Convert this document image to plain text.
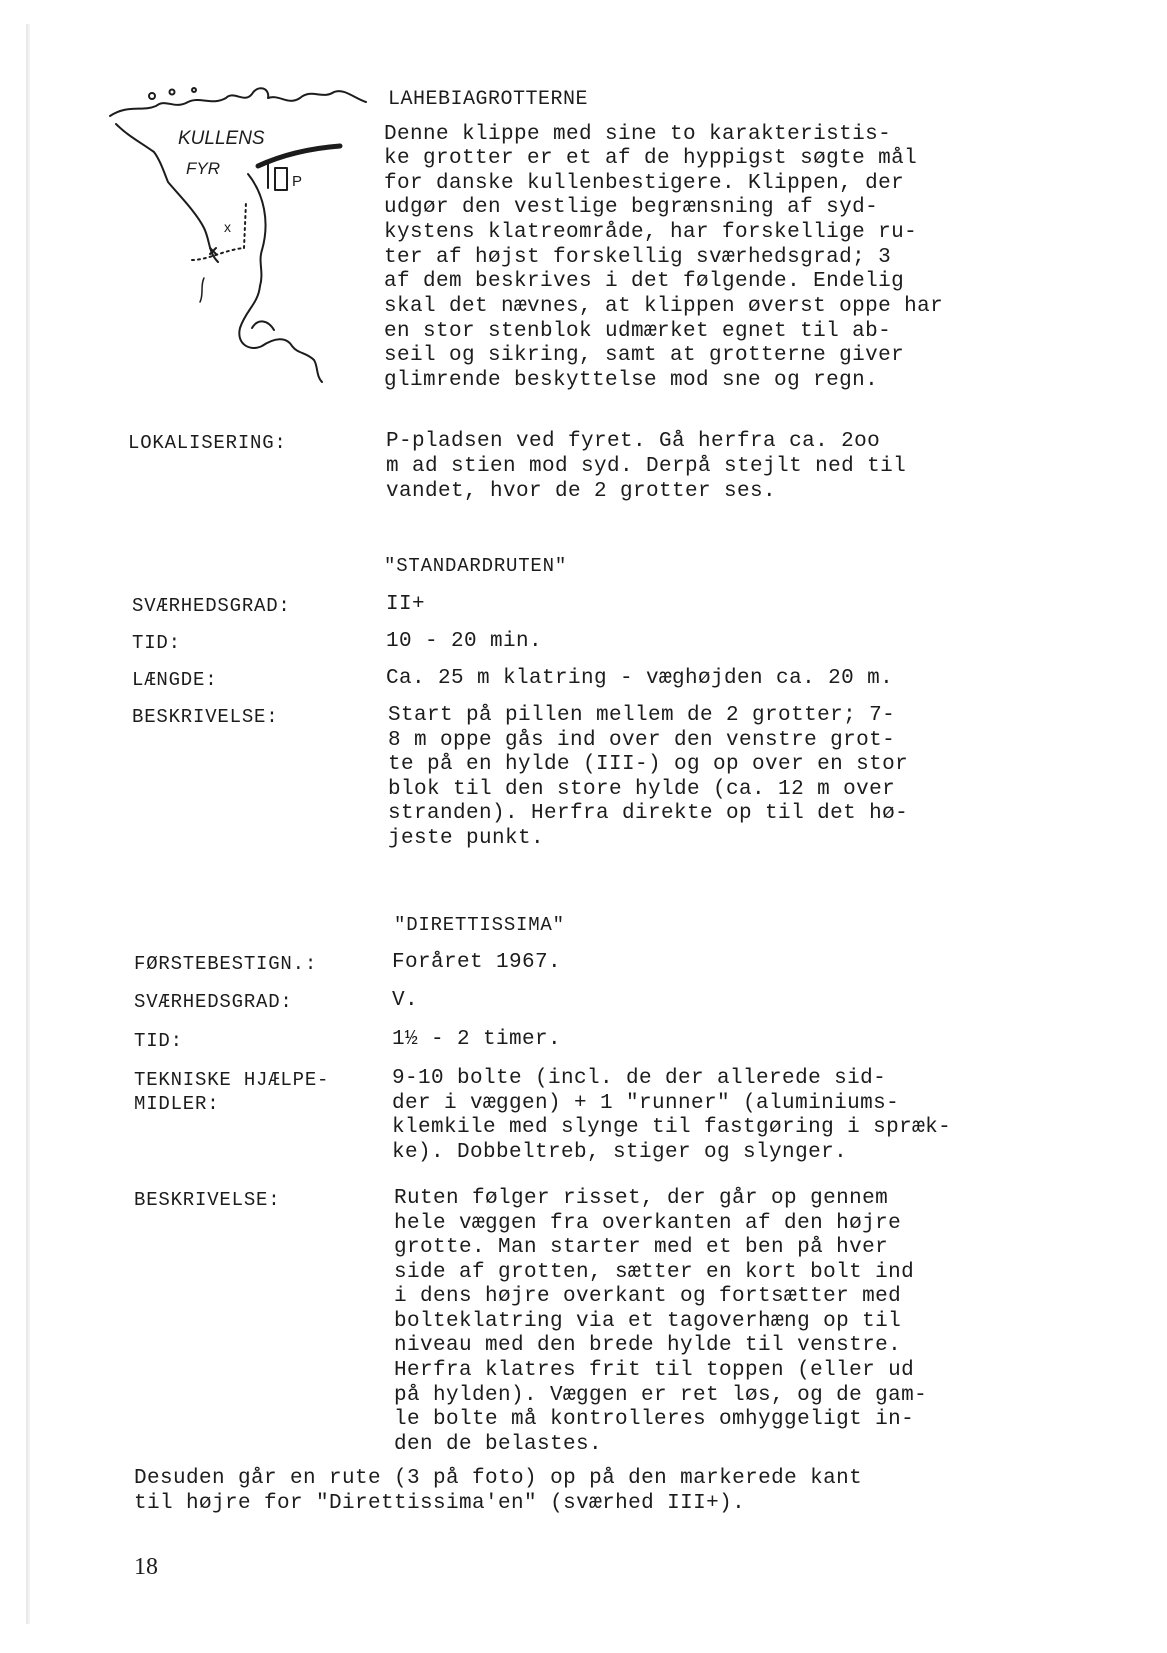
KULLENS
FYR
P
x
LAHEBIAGROTTERNE
Denne klippe med sine to karakteristis-
ke grotter er et af de hyppigst søgte mål
for danske kullenbestigere. Klippen, der
udgør den vestlige begrænsning af syd-
kystens klatreområde, har forskellige ru-
ter af højst forskellig sværhedsgrad; 3
af dem beskrives i det følgende. Endelig
skal det nævnes, at klippen øverst oppe har
en stor stenblok udmærket egnet til ab-
seil og sikring, samt at grotterne giver
glimrende beskyttelse mod sne og regn.
LOKALISERING:	P-pladsen ved fyret. Gå herfra ca. 2oo
m ad stien mod syd. Derpå stejlt ned til
vandet, hvor de 2 grotter ses.
"STANDARDRUTEN"
SVÆRHEDSGRAD:	II+
TID:	10 - 20 min.
LÆNGDE:	Ca. 25 m klatring - væghøjden ca. 20 m.
BESKRIVELSE:	Start på pillen mellem de 2 grotter; 7-
8 m oppe gås ind over den venstre grot-
te på en hylde (III-) og op over en stor
blok til den store hylde (ca. 12 m over
stranden). Herfra direkte op til det hø-
jeste punkt.
"DIRETTISSIMA"
FØRSTEBESTIGN.:	Foråret 1967.
SVÆRHEDSGRAD:	V.
TID:	1½ - 2 timer.
TEKNISKE HJÆLPE-
MIDLER:
9-10 bolte (incl. de der allerede sid-
der i væggen) + 1 "runner" (aluminiums-
klemkile med slynge til fastgøring i spræk-
ke). Dobbeltreb, stiger og slynger.
BESKRIVELSE:	Ruten følger risset, der går op gennem
hele væggen fra overkanten af den højre
grotte. Man starter med et ben på hver
side af grotten, sætter en kort bolt ind
i dens højre overkant og fortsætter med
bolteklatring via et tagoverhæng op til
niveau med den brede hylde til venstre.
Herfra klatres frit til toppen (eller ud
på hylden). Væggen er ret løs, og de gam-
le bolte må kontrolleres omhyggeligt in-
den de belastes.
Desuden går en rute (3 på foto) op på den markerede kant
til højre for "Direttissima'en" (sværhed III+).
18
